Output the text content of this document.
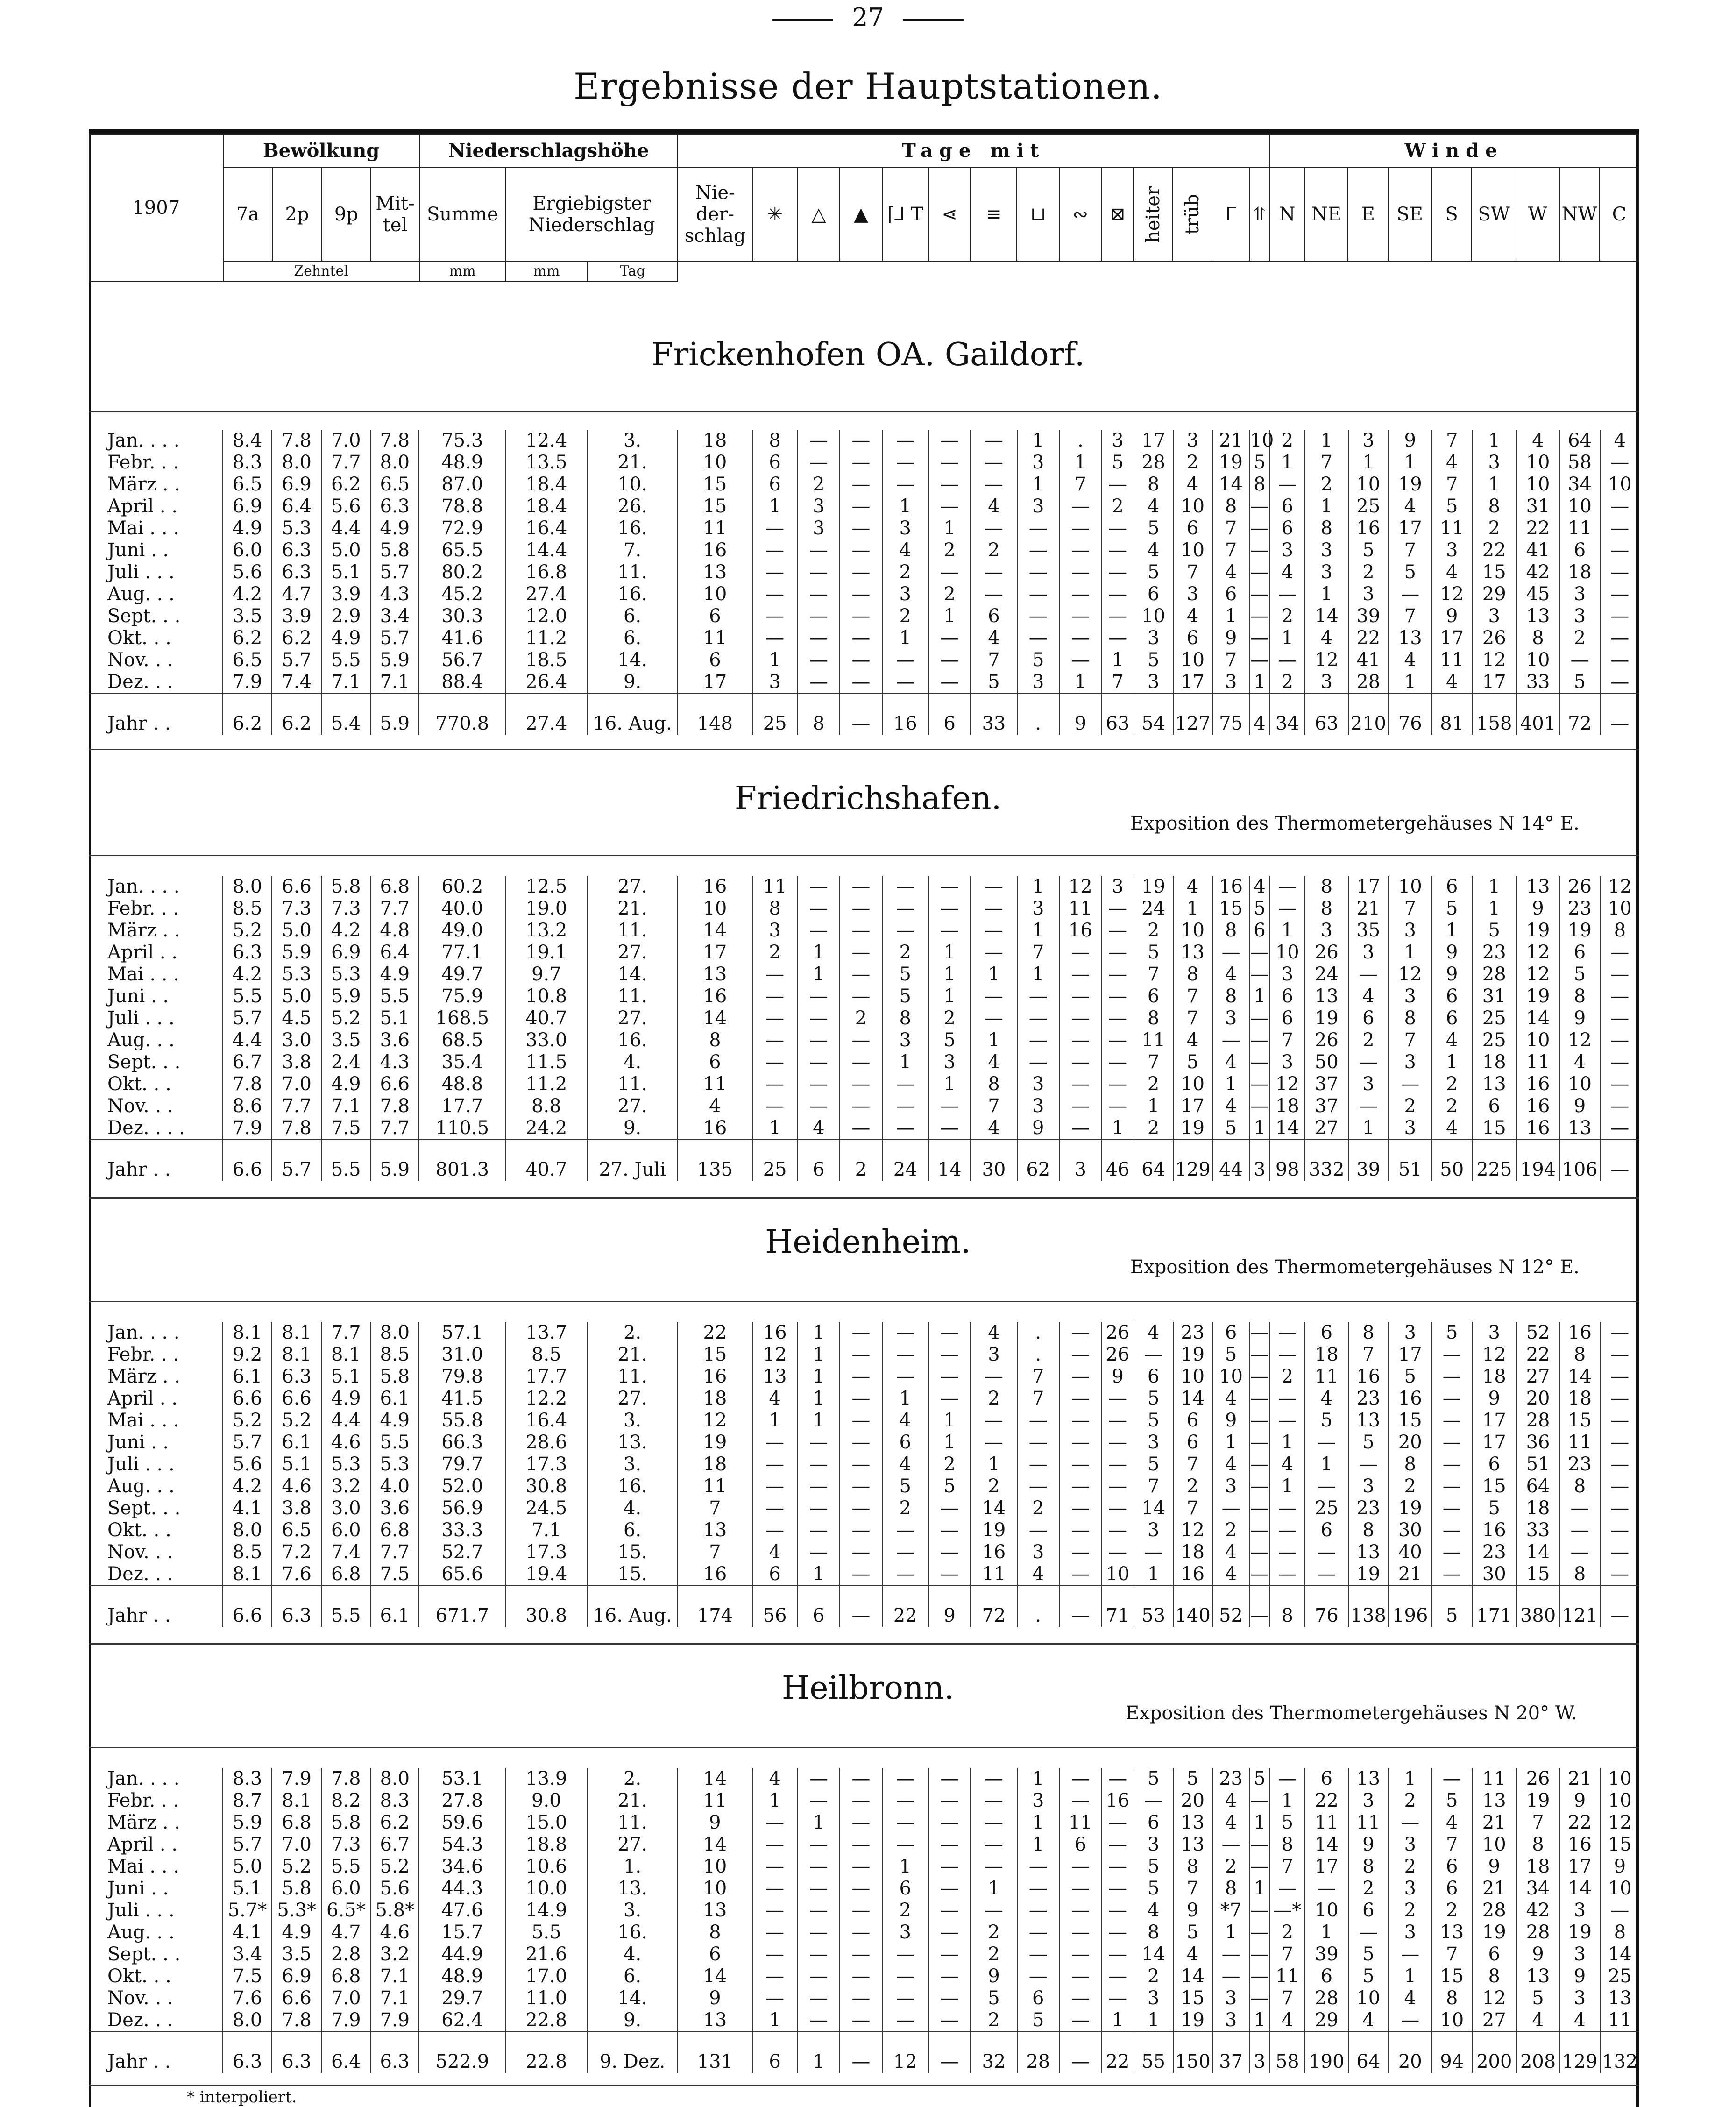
27
Ergebnisse der Hauptstationen.
1907	Bewölkung				Niederschlagshöhe			Tage mit														Winde								
	7a	2p	9p	Mit-tel	Summe	Ergiebigster Niederschlag		Nie-der-schlag	✳	△	▲	⌈⅃ T	⋖	≡	⊔	∾	⊠	heiter	trüb	ᒥ	⥣	N	NE	E	SE	S	SW	W	NW	C
	Zehntel				mm	mm	Tag																							
Frickenhofen OA. Gaildorf.
Jan. . . .	8.4	7.8	7.0	7.8	75.3	12.4	3.	18	8	—	—	—	—	—	1	.	3	17	3	21	10	2	1	3	9	7	1	4	64	4
Febr. . .	8.3	8.0	7.7	8.0	48.9	13.5	21.	10	6	—	—	—	—	—	3	1	5	28	2	19	5	1	7	1	1	4	3	10	58	—
März . .	6.5	6.9	6.2	6.5	87.0	18.4	10.	15	6	2	—	—	—	—	1	7	—	8	4	14	8	—	2	10	19	7	1	10	34	10
April . .	6.9	6.4	5.6	6.3	78.8	18.4	26.	15	1	3	—	1	—	4	3	—	2	4	10	8	—	6	1	25	4	5	8	31	10	—
Mai . . .	4.9	5.3	4.4	4.9	72.9	16.4	16.	11	—	3	—	3	1	—	—	—	—	5	6	7	—	6	8	16	17	11	2	22	11	—
Juni . .	6.0	6.3	5.0	5.8	65.5	14.4	7.	16	—	—	—	4	2	2	—	—	—	4	10	7	—	3	3	5	7	3	22	41	6	—
Juli . . .	5.6	6.3	5.1	5.7	80.2	16.8	11.	13	—	—	—	2	—	—	—	—	—	5	7	4	—	4	3	2	5	4	15	42	18	—
Aug. . .	4.2	4.7	3.9	4.3	45.2	27.4	16.	10	—	—	—	3	2	—	—	—	—	6	3	6	—	—	1	3	—	12	29	45	3	—
Sept. . .	3.5	3.9	2.9	3.4	30.3	12.0	6.	6	—	—	—	2	1	6	—	—	—	10	4	1	—	2	14	39	7	9	3	13	3	—
Okt. . .	6.2	6.2	4.9	5.7	41.6	11.2	6.	11	—	—	—	1	—	4	—	—	—	3	6	9	—	1	4	22	13	17	26	8	2	—
Nov. . .	6.5	5.7	5.5	5.9	56.7	18.5	14.	6	1	—	—	—	—	7	5	—	1	5	10	7	—	—	12	41	4	11	12	10	—	—
Dez. . .	7.9	7.4	7.1	7.1	88.4	26.4	9.	17	3	—	—	—	—	5	3	1	7	3	17	3	1	2	3	28	1	4	17	33	5	—
Jahr . .	6.2	6.2	5.4	5.9	770.8	27.4	16. Aug.	148	25	8	—	16	6	33	.	9	63	54	127	75	4	34	63	210	76	81	158	401	72	—
Friedrichshafen.
Exposition des Thermometergehäuses N 14° E.
Jan. . . .	8.0	6.6	5.8	6.8	60.2	12.5	27.	16	11	—	—	—	—	—	1	12	3	19	4	16	4	—	8	17	10	6	1	13	26	12
Febr. . .	8.5	7.3	7.3	7.7	40.0	19.0	21.	10	8	—	—	—	—	—	3	11	—	24	1	15	5	—	8	21	7	5	1	9	23	10
März . .	5.2	5.0	4.2	4.8	49.0	13.2	11.	14	3	—	—	—	—	—	1	16	—	2	10	8	6	1	3	35	3	1	5	19	19	8
April . .	6.3	5.9	6.9	6.4	77.1	19.1	27.	17	2	1	—	2	1	—	7	—	—	5	13	—	—	10	26	3	1	9	23	12	6	—
Mai . . .	4.2	5.3	5.3	4.9	49.7	9.7	14.	13	—	1	—	5	1	1	1	—	—	7	8	4	—	3	24	—	12	9	28	12	5	—
Juni . .	5.5	5.0	5.9	5.5	75.9	10.8	11.	16	—	—	—	5	1	—	—	—	—	6	7	8	1	6	13	4	3	6	31	19	8	—
Juli . . .	5.7	4.5	5.2	5.1	168.5	40.7	27.	14	—	—	2	8	2	—	—	—	—	8	7	3	—	6	19	6	8	6	25	14	9	—
Aug. . .	4.4	3.0	3.5	3.6	68.5	33.0	16.	8	—	—	—	3	5	1	—	—	—	11	4	—	—	7	26	2	7	4	25	10	12	—
Sept. . .	6.7	3.8	2.4	4.3	35.4	11.5	4.	6	—	—	—	1	3	4	—	—	—	7	5	4	—	3	50	—	3	1	18	11	4	—
Okt. . .	7.8	7.0	4.9	6.6	48.8	11.2	11.	11	—	—	—	—	1	8	3	—	—	2	10	1	—	12	37	3	—	2	13	16	10	—
Nov. . .	8.6	7.7	7.1	7.8	17.7	8.8	27.	4	—	—	—	—	—	7	3	—	—	1	17	4	—	18	37	—	2	2	6	16	9	—
Dez. . . .	7.9	7.8	7.5	7.7	110.5	24.2	9.	16	1	4	—	—	—	4	9	—	1	2	19	5	1	14	27	1	3	4	15	16	13	—
Jahr . .	6.6	5.7	5.5	5.9	801.3	40.7	27. Juli	135	25	6	2	24	14	30	62	3	46	64	129	44	3	98	332	39	51	50	225	194	106	—
Heidenheim.
Exposition des Thermometergehäuses N 12° E.
Jan. . . .	8.1	8.1	7.7	8.0	57.1	13.7	2.	22	16	1	—	—	—	4	.	—	26	4	23	6	—	—	6	8	3	5	3	52	16	—
Febr. . .	9.2	8.1	8.1	8.5	31.0	8.5	21.	15	12	1	—	—	—	3	.	—	26	—	19	5	—	—	18	7	17	—	12	22	8	—
März . .	6.1	6.3	5.1	5.8	79.8	17.7	11.	16	13	1	—	—	—	—	7	—	9	6	10	10	—	2	11	16	5	—	18	27	14	—
April . .	6.6	6.6	4.9	6.1	41.5	12.2	27.	18	4	1	—	1	—	2	7	—	—	5	14	4	—	—	4	23	16	—	9	20	18	—
Mai . . .	5.2	5.2	4.4	4.9	55.8	16.4	3.	12	1	1	—	4	1	—	—	—	—	5	6	9	—	—	5	13	15	—	17	28	15	—
Juni . .	5.7	6.1	4.6	5.5	66.3	28.6	13.	19	—	—	—	6	1	—	—	—	—	3	6	1	—	1	—	5	20	—	17	36	11	—
Juli . . .	5.6	5.1	5.3	5.3	79.7	17.3	3.	18	—	—	—	4	2	1	—	—	—	5	7	4	—	4	1	—	8	—	6	51	23	—
Aug. . .	4.2	4.6	3.2	4.0	52.0	30.8	16.	11	—	—	—	5	5	2	—	—	—	7	2	3	—	1	—	3	2	—	15	64	8	—
Sept. . .	4.1	3.8	3.0	3.6	56.9	24.5	4.	7	—	—	—	2	—	14	2	—	—	14	7	—	—	—	25	23	19	—	5	18	—	—
Okt. . .	8.0	6.5	6.0	6.8	33.3	7.1	6.	13	—	—	—	—	—	19	—	—	—	3	12	2	—	—	6	8	30	—	16	33	—	—
Nov. . .	8.5	7.2	7.4	7.7	52.7	17.3	15.	7	4	—	—	—	—	16	3	—	—	—	18	4	—	—	—	13	40	—	23	14	—	—
Dez. . .	8.1	7.6	6.8	7.5	65.6	19.4	15.	16	6	1	—	—	—	11	4	—	10	1	16	4	—	—	—	19	21	—	30	15	8	—
Jahr . .	6.6	6.3	5.5	6.1	671.7	30.8	16. Aug.	174	56	6	—	22	9	72	.	—	71	53	140	52	—	8	76	138	196	5	171	380	121	—
Heilbronn.
Exposition des Thermometergehäuses N 20° W.
Jan. . . .	8.3	7.9	7.8	8.0	53.1	13.9	2.	14	4	—	—	—	—	—	1	—	—	5	5	23	5	—	6	13	1	—	11	26	21	10
Febr. . .	8.7	8.1	8.2	8.3	27.8	9.0	21.	11	1	—	—	—	—	—	3	—	16	—	20	4	—	1	22	3	2	5	13	19	9	10
März . .	5.9	6.8	5.8	6.2	59.6	15.0	11.	9	—	1	—	—	—	—	1	11	—	6	13	4	1	5	11	11	—	4	21	7	22	12
April . .	5.7	7.0	7.3	6.7	54.3	18.8	27.	14	—	—	—	—	—	—	1	6	—	3	13	—	—	8	14	9	3	7	10	8	16	15
Mai . . .	5.0	5.2	5.5	5.2	34.6	10.6	1.	10	—	—	—	1	—	—	—	—	—	5	8	2	—	7	17	8	2	6	9	18	17	9
Juni . .	5.1	5.8	6.0	5.6	44.3	10.0	13.	10	—	—	—	6	—	1	—	—	—	5	7	8	1	—	—	2	3	6	21	34	14	10
Juli . . .	5.7*	5.3*	6.5*	5.8*	47.6	14.9	3.	13	—	—	—	2	—	—	—	—	—	4	9	*7	—	—*	10	6	2	2	28	42	3	—
Aug. . .	4.1	4.9	4.7	4.6	15.7	5.5	16.	8	—	—	—	3	—	2	—	—	—	8	5	1	—	2	1	—	3	13	19	28	19	8
Sept. . .	3.4	3.5	2.8	3.2	44.9	21.6	4.	6	—	—	—	—	—	2	—	—	—	14	4	—	—	7	39	5	—	7	6	9	3	14
Okt. . .	7.5	6.9	6.8	7.1	48.9	17.0	6.	14	—	—	—	—	—	9	—	—	—	2	14	—	—	11	6	5	1	15	8	13	9	25
Nov. . .	7.6	6.6	7.0	7.1	29.7	11.0	14.	9	—	—	—	—	—	5	6	—	—	3	15	3	—	7	28	10	4	8	12	5	3	13
Dez. . .	8.0	7.8	7.9	7.9	62.4	22.8	9.	13	1	—	—	—	—	2	5	—	1	1	19	3	1	4	29	4	—	10	27	4	4	11
Jahr . .	6.3	6.3	6.4	6.3	522.9	22.8	9. Dez.	131	6	1	—	12	—	32	28	—	22	55	150	37	3	58	190	64	20	94	200	208	129	132
* interpoliert.
